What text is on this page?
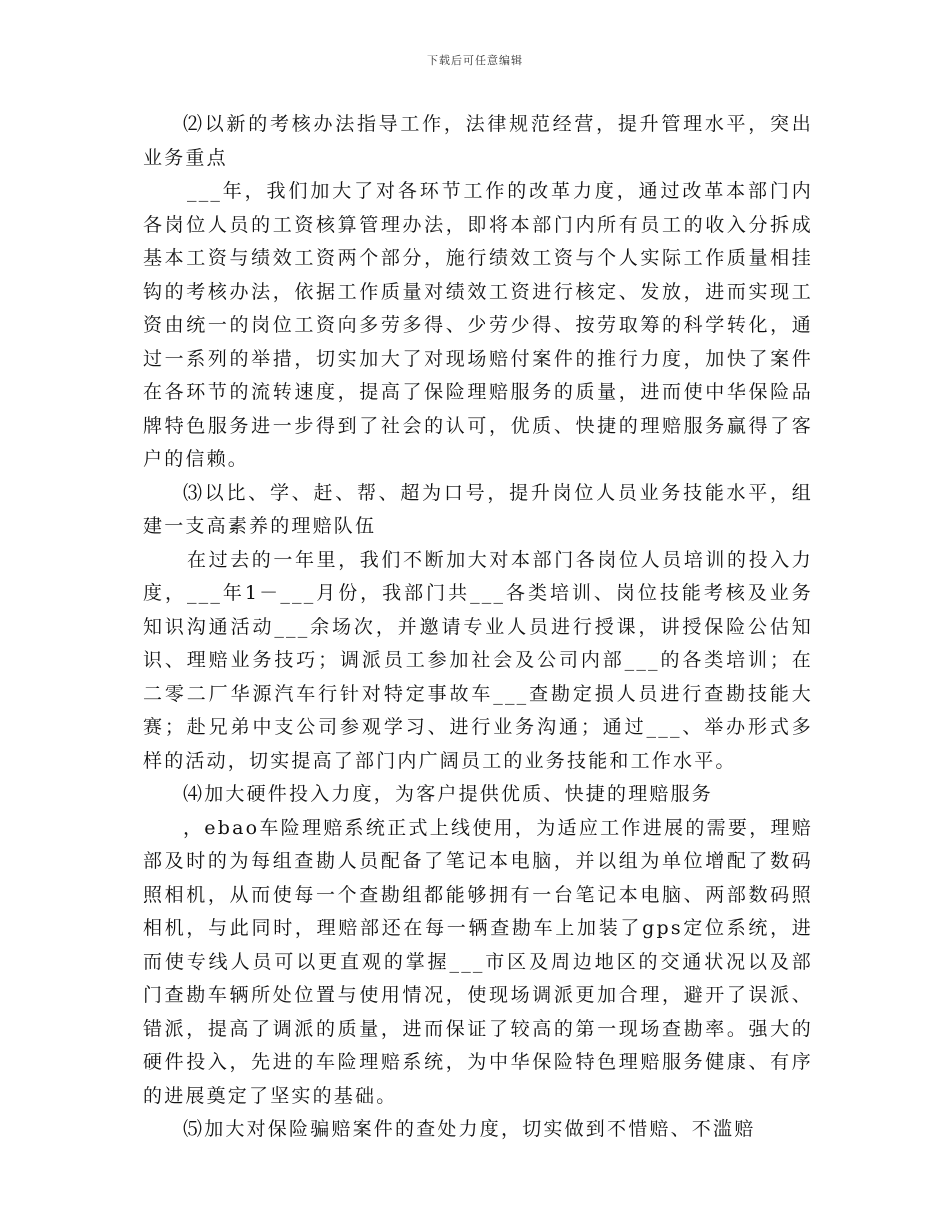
下载后可任意编辑

⑵以新的考核办法指导工作，法律规范经营，提升管理水平，突出业务重点

___年，我们加大了对各环节工作的改革力度，通过改革本部门内各岗位人员的工资核算管理办法，即将本部门内所有员工的收入分拆成基本工资与绩效工资两个部分，施行绩效工资与个人实际工作质量相挂钩的考核办法，依据工作质量对绩效工资进行核定、发放，进而实现工资由统一的岗位工资向多劳多得、少劳少得、按劳取筹的科学转化，通过一系列的举措，切实加大了对现场赔付案件的推行力度，加快了案件在各环节的流转速度，提高了保险理赔服务的质量，进而使中华保险品牌特色服务进一步得到了社会的认可，优质、快捷的理赔服务赢得了客户的信赖。

⑶以比、学、赶、帮、超为口号，提升岗位人员业务技能水平，组建一支高素养的理赔队伍

在过去的一年里，我们不断加大对本部门各岗位人员培训的投入力度，___年1－___月份，我部门共___各类培训、岗位技能考核及业务知识沟通活动___余场次，并邀请专业人员进行授课，讲授保险公估知识、理赔业务技巧；调派员工参加社会及公司内部___的各类培训；在二零二厂华源汽车行针对特定事故车___查勘定损人员进行查勘技能大赛；赴兄弟中支公司参观学习、进行业务沟通；通过___、举办形式多样的活动，切实提高了部门内广阔员工的业务技能和工作水平。

⑷加大硬件投入力度，为客户提供优质、快捷的理赔服务

，ebao车险理赔系统正式上线使用，为适应工作进展的需要，理赔部及时的为每组查勘人员配备了笔记本电脑，并以组为单位增配了数码照相机，从而使每一个查勘组都能够拥有一台笔记本电脑、两部数码照相机，与此同时，理赔部还在每一辆查勘车上加装了gps定位系统，进而使专线人员可以更直观的掌握___市区及周边地区的交通状况以及部门查勘车辆所处位置与使用情况，使现场调派更加合理，避开了误派、错派，提高了调派的质量，进而保证了较高的第一现场查勘率。强大的硬件投入，先进的车险理赔系统，为中华保险特色理赔服务健康、有序的进展奠定了坚实的基础。

⑸加大对保险骗赔案件的查处力度，切实做到不惜赔、不滥赔
